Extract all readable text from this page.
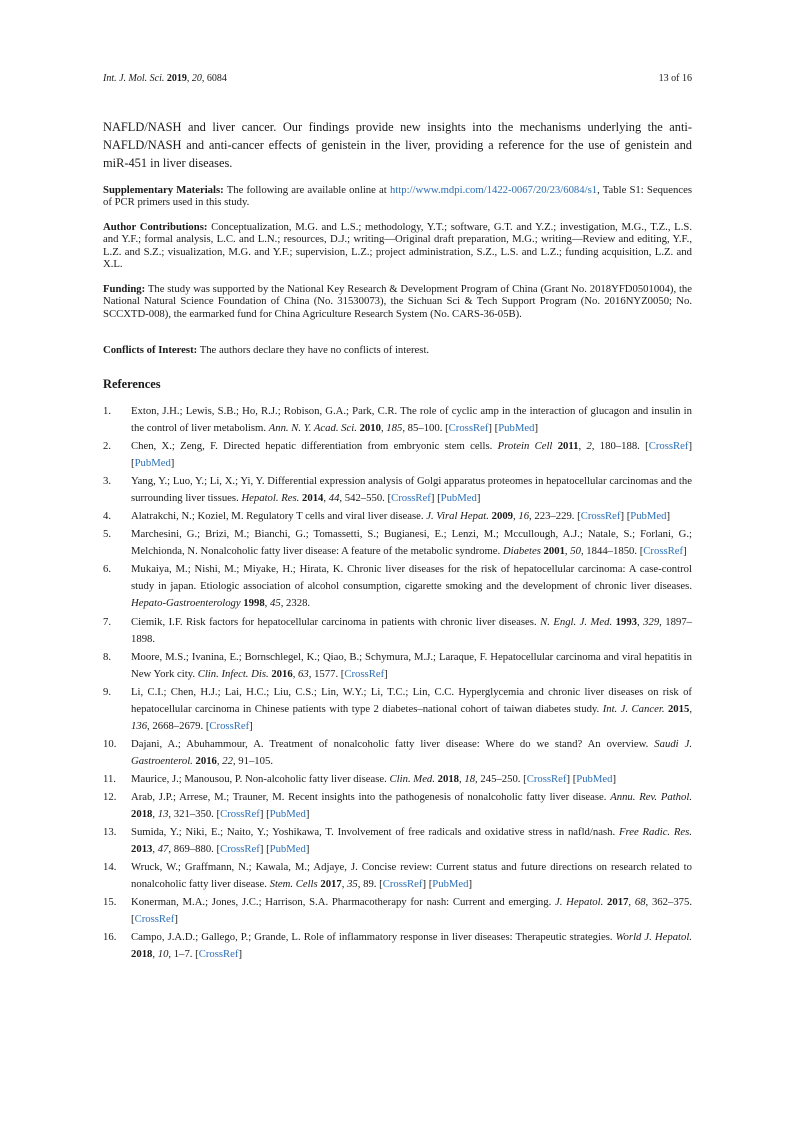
Int. J. Mol. Sci. 2019, 20, 6084	13 of 16

NAFLD/NASH and liver cancer. Our findings provide new insights into the mechanisms underlying the anti-NAFLD/NASH and anti-cancer effects of genistein in the liver, providing a reference for the use of genistein and miR-451 in liver diseases.

Supplementary Materials: The following are available online at http://www.mdpi.com/1422-0067/20/23/6084/s1, Table S1: Sequences of PCR primers used in this study.

Author Contributions: Conceptualization, M.G. and L.S.; methodology, Y.T.; software, G.T. and Y.Z.; investigation, M.G., T.Z., L.S. and Y.F.; formal analysis, L.C. and L.N.; resources, D.J.; writing—Original draft preparation, M.G.; writing—Review and editing, Y.F., L.Z. and S.Z.; visualization, M.G. and Y.F.; supervision, L.Z.; project administration, S.Z., L.S. and L.Z.; funding acquisition, L.Z. and X.L.

Funding: The study was supported by the National Key Research & Development Program of China (Grant No. 2018YFD0501004), the National Natural Science Foundation of China (No. 31530073), the Sichuan Sci & Tech Support Program (No. 2016NYZ0050; No. SCCXTD-008), the earmarked fund for China Agriculture Research System (No. CARS-36-05B).

Conflicts of Interest: The authors declare they have no conflicts of interest.

References
1. Exton, J.H.; Lewis, S.B.; Ho, R.J.; Robison, G.A.; Park, C.R. The role of cyclic amp in the interaction of glucagon and insulin in the control of liver metabolism. Ann. N. Y. Acad. Sci. 2010, 185, 85–100. [CrossRef] [PubMed]
2. Chen, X.; Zeng, F. Directed hepatic differentiation from embryonic stem cells. Protein Cell 2011, 2, 180–188. [CrossRef] [PubMed]
3. Yang, Y.; Luo, Y.; Li, X.; Yi, Y. Differential expression analysis of Golgi apparatus proteomes in hepatocellular carcinomas and the surrounding liver tissues. Hepatol. Res. 2014, 44, 542–550. [CrossRef] [PubMed]
4. Alatrakchi, N.; Koziel, M. Regulatory T cells and viral liver disease. J. Viral Hepat. 2009, 16, 223–229. [CrossRef] [PubMed]
5. Marchesini, G.; Brizi, M.; Bianchi, G.; Tomassetti, S.; Bugianesi, E.; Lenzi, M.; Mccullough, A.J.; Natale, S.; Forlani, G.; Melchionda, N. Nonalcoholic fatty liver disease: A feature of the metabolic syndrome. Diabetes 2001, 50, 1844–1850. [CrossRef]
6. Mukaiya, M.; Nishi, M.; Miyake, H.; Hirata, K. Chronic liver diseases for the risk of hepatocellular carcinoma: A case-control study in japan. Etiologic association of alcohol consumption, cigarette smoking and the development of chronic liver diseases. Hepato-Gastroenterology 1998, 45, 2328.
7. Ciemik, I.F. Risk factors for hepatocellular carcinoma in patients with chronic liver diseases. N. Engl. J. Med. 1993, 329, 1897–1898.
8. Moore, M.S.; Ivanina, E.; Bornschlegel, K.; Qiao, B.; Schymura, M.J.; Laraque, F. Hepatocellular carcinoma and viral hepatitis in New York city. Clin. Infect. Dis. 2016, 63, 1577. [CrossRef]
9. Li, C.I.; Chen, H.J.; Lai, H.C.; Liu, C.S.; Lin, W.Y.; Li, T.C.; Lin, C.C. Hyperglycemia and chronic liver diseases on risk of hepatocellular carcinoma in Chinese patients with type 2 diabetes–national cohort of taiwan diabetes study. Int. J. Cancer. 2015, 136, 2668–2679. [CrossRef]
10. Dajani, A.; Abuhammour, A. Treatment of nonalcoholic fatty liver disease: Where do we stand? An overview. Saudi J. Gastroenterol. 2016, 22, 91–105.
11. Maurice, J.; Manousou, P. Non-alcoholic fatty liver disease. Clin. Med. 2018, 18, 245–250. [CrossRef] [PubMed]
12. Arab, J.P.; Arrese, M.; Trauner, M. Recent insights into the pathogenesis of nonalcoholic fatty liver disease. Annu. Rev. Pathol. 2018, 13, 321–350. [CrossRef] [PubMed]
13. Sumida, Y.; Niki, E.; Naito, Y.; Yoshikawa, T. Involvement of free radicals and oxidative stress in nafld/nash. Free Radic. Res. 2013, 47, 869–880. [CrossRef] [PubMed]
14. Wruck, W.; Graffmann, N.; Kawala, M.; Adjaye, J. Concise review: Current status and future directions on research related to nonalcoholic fatty liver disease. Stem. Cells 2017, 35, 89. [CrossRef] [PubMed]
15. Konerman, M.A.; Jones, J.C.; Harrison, S.A. Pharmacotherapy for nash: Current and emerging. J. Hepatol. 2017, 68, 362–375. [CrossRef]
16. Campo, J.A.D.; Gallego, P.; Grande, L. Role of inflammatory response in liver diseases: Therapeutic strategies. World J. Hepatol. 2018, 10, 1–7. [CrossRef]
